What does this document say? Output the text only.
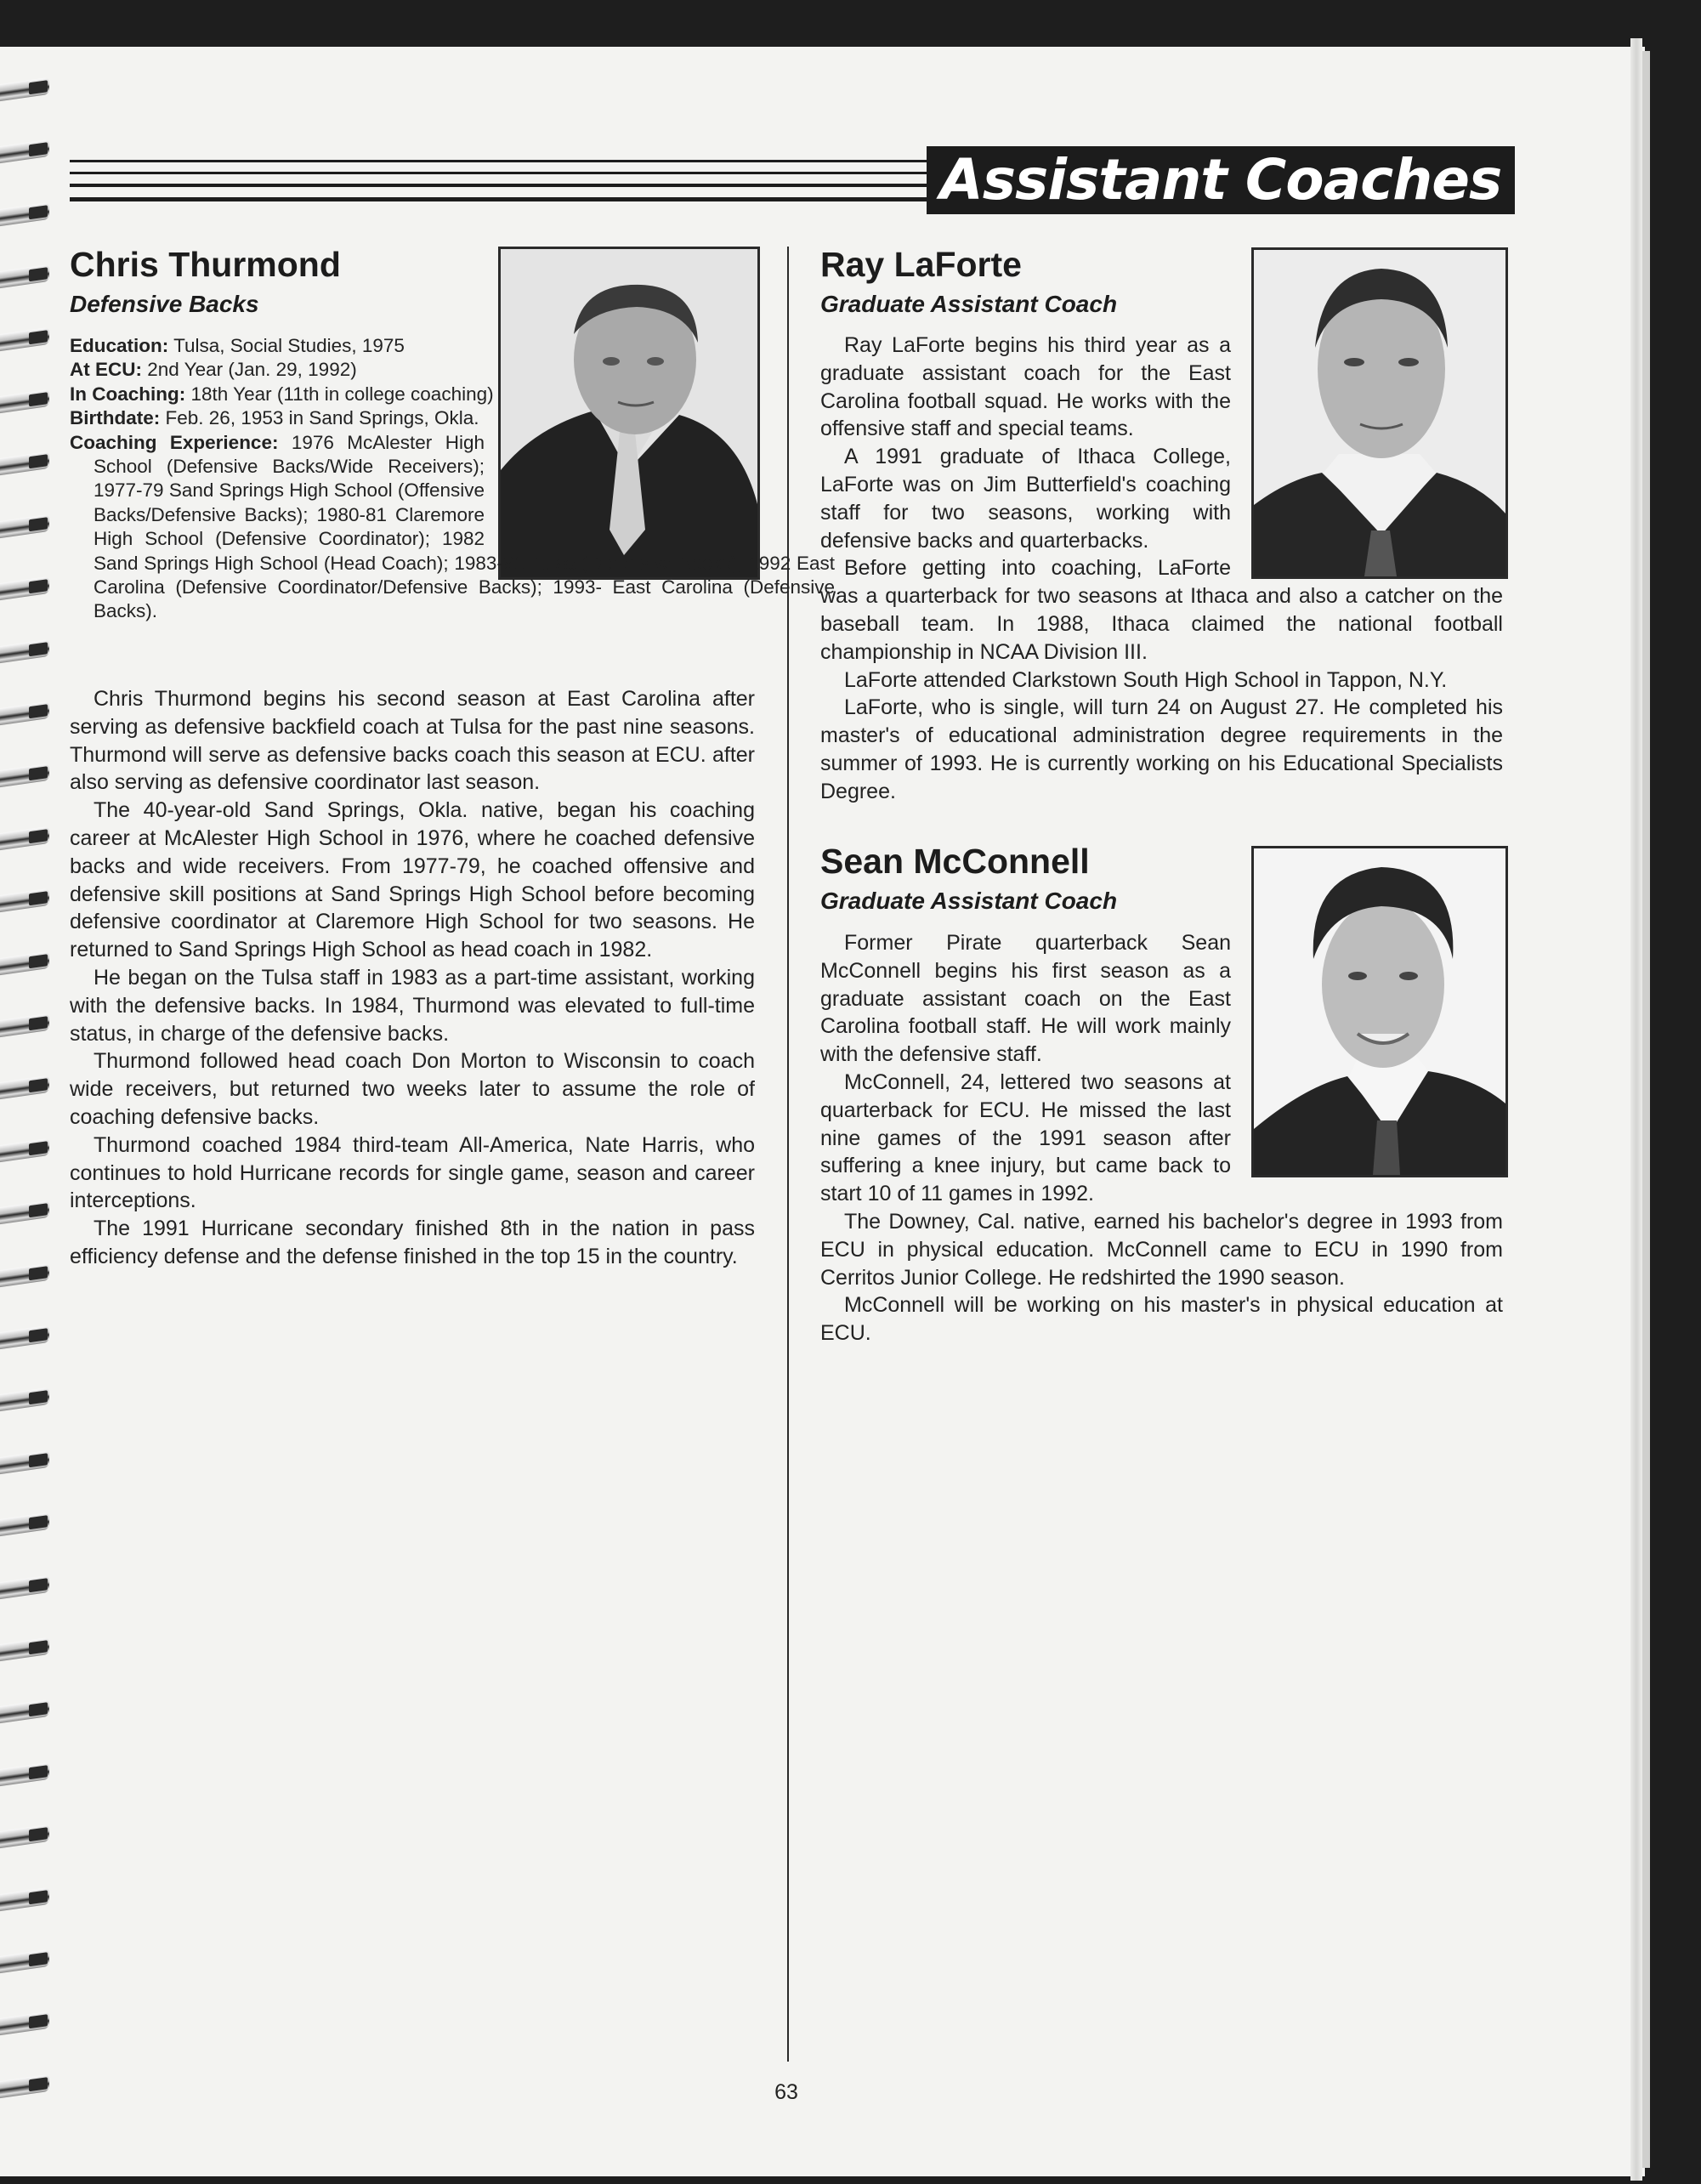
Assistant Coaches
Chris Thurmond
Defensive Backs

Education: Tulsa, Social Studies, 1975

At ECU: 2nd Year (Jan. 29, 1992)

In Coaching: 18th Year (11th in college coaching)

Birthdate: Feb. 26, 1953 in Sand Springs, Okla.

Coaching Experience: 1976 McAlester High School (Defensive Backs/Wide Receivers); 1977-79 Sand Springs High School (Offensive Backs/Defensive Backs); 1980-81 Claremore High School (Defensive Coordinator); 1982 Sand Springs High School (Head Coach); 1983-91 Tulsa (Defensive Backs); 1992 East Carolina (Defensive Coordinator/Defensive Backs); 1993- East Carolina (Defensive Backs).

Chris Thurmond begins his second season at East Carolina after serving as defensive backfield coach at Tulsa for the past nine seasons. Thurmond will serve as defensive backs coach this season at ECU. after also serving as defensive coordinator last season.

The 40-year-old Sand Springs, Okla. native, began his coaching career at McAlester High School in 1976, where he coached defensive backs and wide receivers. From 1977-79, he coached offensive and defensive skill positions at Sand Springs High School before becoming defensive coordinator at Claremore High School for two seasons. He returned to Sand Springs High School as head coach in 1982.

He began on the Tulsa staff in 1983 as a part-time assistant, working with the defensive backs. In 1984, Thurmond was elevated to full-time status, in charge of the defensive backs.

Thurmond followed head coach Don Morton to Wisconsin to coach wide receivers, but returned two weeks later to assume the role of coaching defensive backs.

Thurmond coached 1984 third-team All-America, Nate Harris, who continues to hold Hurricane records for single game, season and career interceptions.

The 1991 Hurricane secondary finished 8th in the nation in pass efficiency defense and the defense finished in the top 15 in the country.

Ray LaForte
Graduate Assistant Coach

Ray LaForte begins his third year as a graduate assistant coach for the East Carolina football squad. He works with the offensive staff and special teams.

A 1991 graduate of Ithaca College, LaForte was on Jim Butterfield's coaching staff for two seasons, working with defensive backs and quarterbacks.

Before getting into coaching, LaForte was a quarterback for two seasons at Ithaca and also a catcher on the baseball team. In 1988, Ithaca claimed the national football championship in NCAA Division III.

LaForte attended Clarkstown South High School in Tappon, N.Y.

LaForte, who is single, will turn 24 on August 27. He completed his master's of educational administration degree requirements in the summer of 1993. He is currently working on his Educational Specialists Degree.

Sean McConnell
Graduate Assistant Coach

Former Pirate quarterback Sean McConnell begins his first season as a graduate assistant coach on the East Carolina football staff. He will work mainly with the defensive staff.

McConnell, 24, lettered two seasons at quarterback for ECU. He missed the last nine games of the 1991 season after suffering a knee injury, but came back to start 10 of 11 games in 1992.

The Downey, Cal. native, earned his bachelor's degree in 1993 from ECU in physical education. McConnell came to ECU in 1990 from Cerritos Junior College. He redshirted the 1990 season.

McConnell will be working on his master's in physical education at ECU.

63
